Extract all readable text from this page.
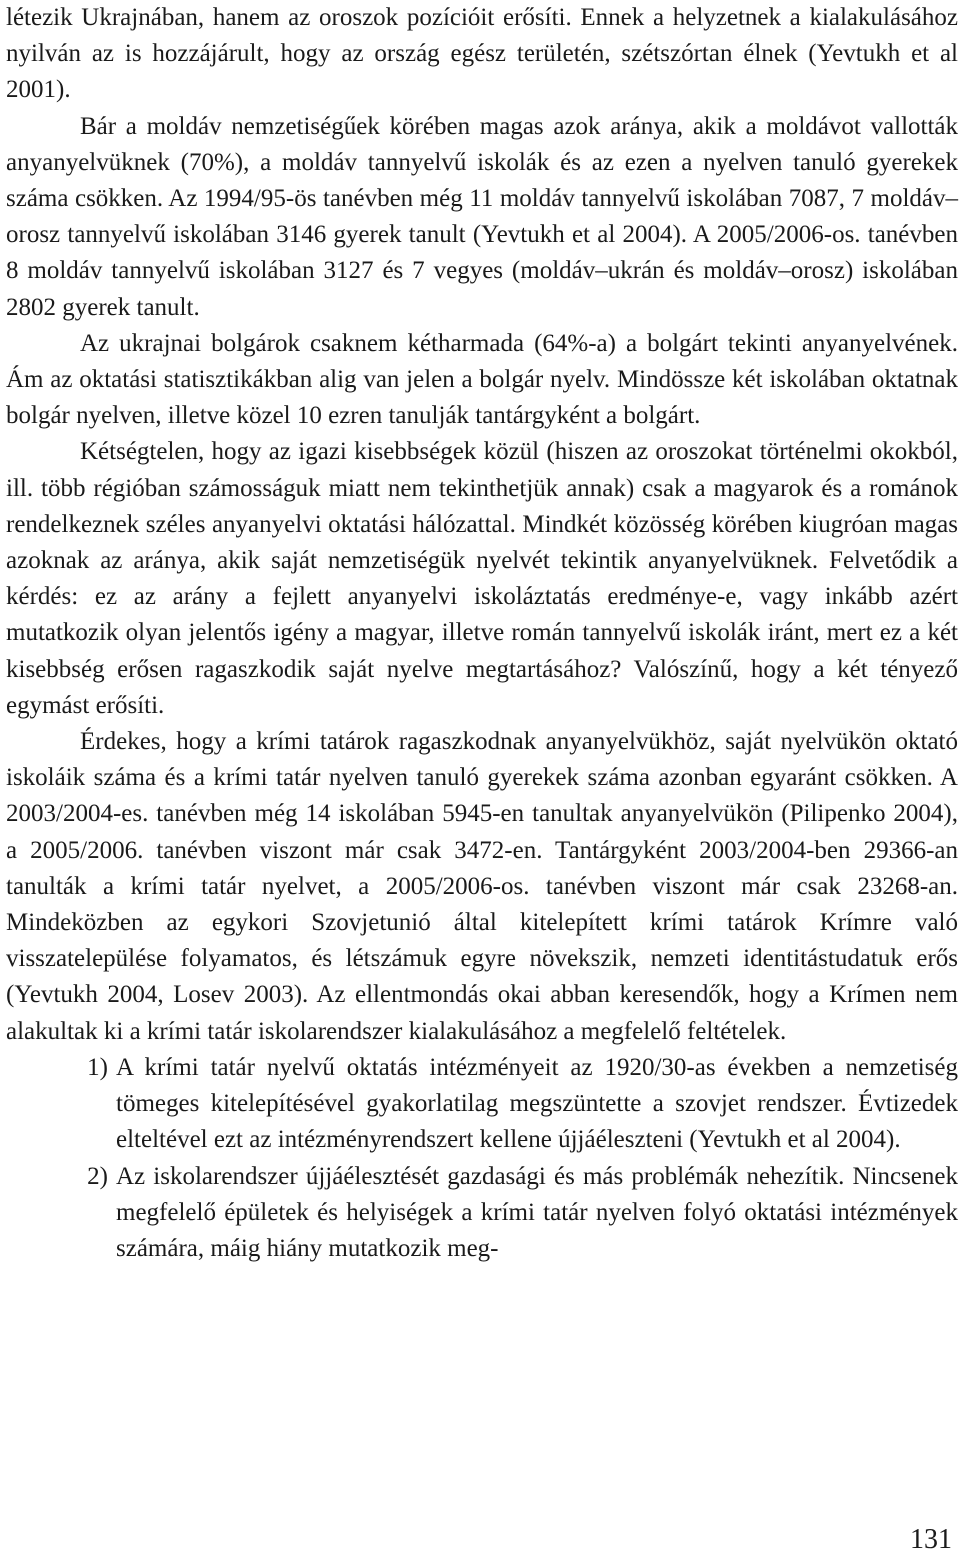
létezik Ukrajnában, hanem az oroszok pozícióit erősíti. Ennek a helyzetnek a kialakulásához nyilván az is hozzájárult, hogy az ország egész területén, szétszórtan élnek (Yevtukh et al 2001).

Bár a moldáv nemzetiségűek körében magas azok aránya, akik a moldávot vallották anyanyelvüknek (70%), a moldáv tannyelvű iskolák és az ezen a nyelven tanuló gyerekek száma csökken. Az 1994/95-ös tanévben még 11 moldáv tannyelvű iskolában 7087, 7 moldáv–orosz tannyelvű iskolában 3146 gyerek tanult (Yevtukh et al 2004). A 2005/2006-os. tanévben 8 moldáv tannyelvű iskolában 3127 és 7 vegyes (moldáv–ukrán és moldáv–orosz) iskolában 2802 gyerek tanult.

Az ukrajnai bolgárok csaknem kétharmada (64%-a) a bolgárt tekinti anyanyelvének. Ám az oktatási statisztikákban alig van jelen a bolgár nyelv. Mindössze két iskolában oktatnak bolgár nyelven, illetve közel 10 ezren tanulják tantárgyként a bolgárt.

Kétségtelen, hogy az igazi kisebbségek közül (hiszen az oroszokat történelmi okokból, ill. több régióban számosságuk miatt nem tekinthetjük annak) csak a magyarok és a románok rendelkeznek széles anyanyelvi oktatási hálózattal. Mindkét közösség körében kiugróan magas azoknak az aránya, akik saját nemzetiségük nyelvét tekintik anyanyelvüknek. Felvetődik a kérdés: ez az arány a fejlett anyanyelvi iskoláztatás eredménye-e, vagy inkább azért mutatkozik olyan jelentős igény a magyar, illetve román tannyelvű iskolák iránt, mert ez a két kisebbség erősen ragaszkodik saját nyelve megtartásához? Valószínű, hogy a két tényező egymást erősíti.

Érdekes, hogy a krími tatárok ragaszkodnak anyanyelvükhöz, saját nyelvükön oktató iskoláik száma és a krími tatár nyelven tanuló gyerekek száma azonban egyaránt csökken. A 2003/2004-es. tanévben még 14 iskolában 5945-en tanultak anyanyelvükön (Pilipenko 2004), a 2005/2006. tanévben viszont már csak 3472-en. Tantárgyként 2003/2004-ben 29366-an tanulták a krími tatár nyelvet, a 2005/2006-os. tanévben viszont már csak 23268-an. Mindeközben az egykori Szovjetunió által kitelepített krími tatárok Krímre való visszatelepülése folyamatos, és létszámuk egyre növekszik, nemzeti identitástudatuk erős (Yevtukh 2004, Losev 2003). Az ellentmondás okai abban keresendők, hogy a Krímen nem alakultak ki a krími tatár iskolarendszer kialakulásához a megfelelő feltételek.

1) A krími tatár nyelvű oktatás intézményeit az 1920/30-as években a nemzetiség tömeges kitelepítésével gyakorlatilag megszüntette a szovjet rendszer. Évtizedek elteltével ezt az intézményrendszert kellene újjáéleszteni (Yevtukh et al 2004).
2) Az iskolarendszer újjáélesztését gazdasági és más problémák nehezítik. Nincsenek megfelelő épületek és helyiségek a krími tatár nyelven folyó oktatási intézmények számára, máig hiány mutatkozik meg-
131
